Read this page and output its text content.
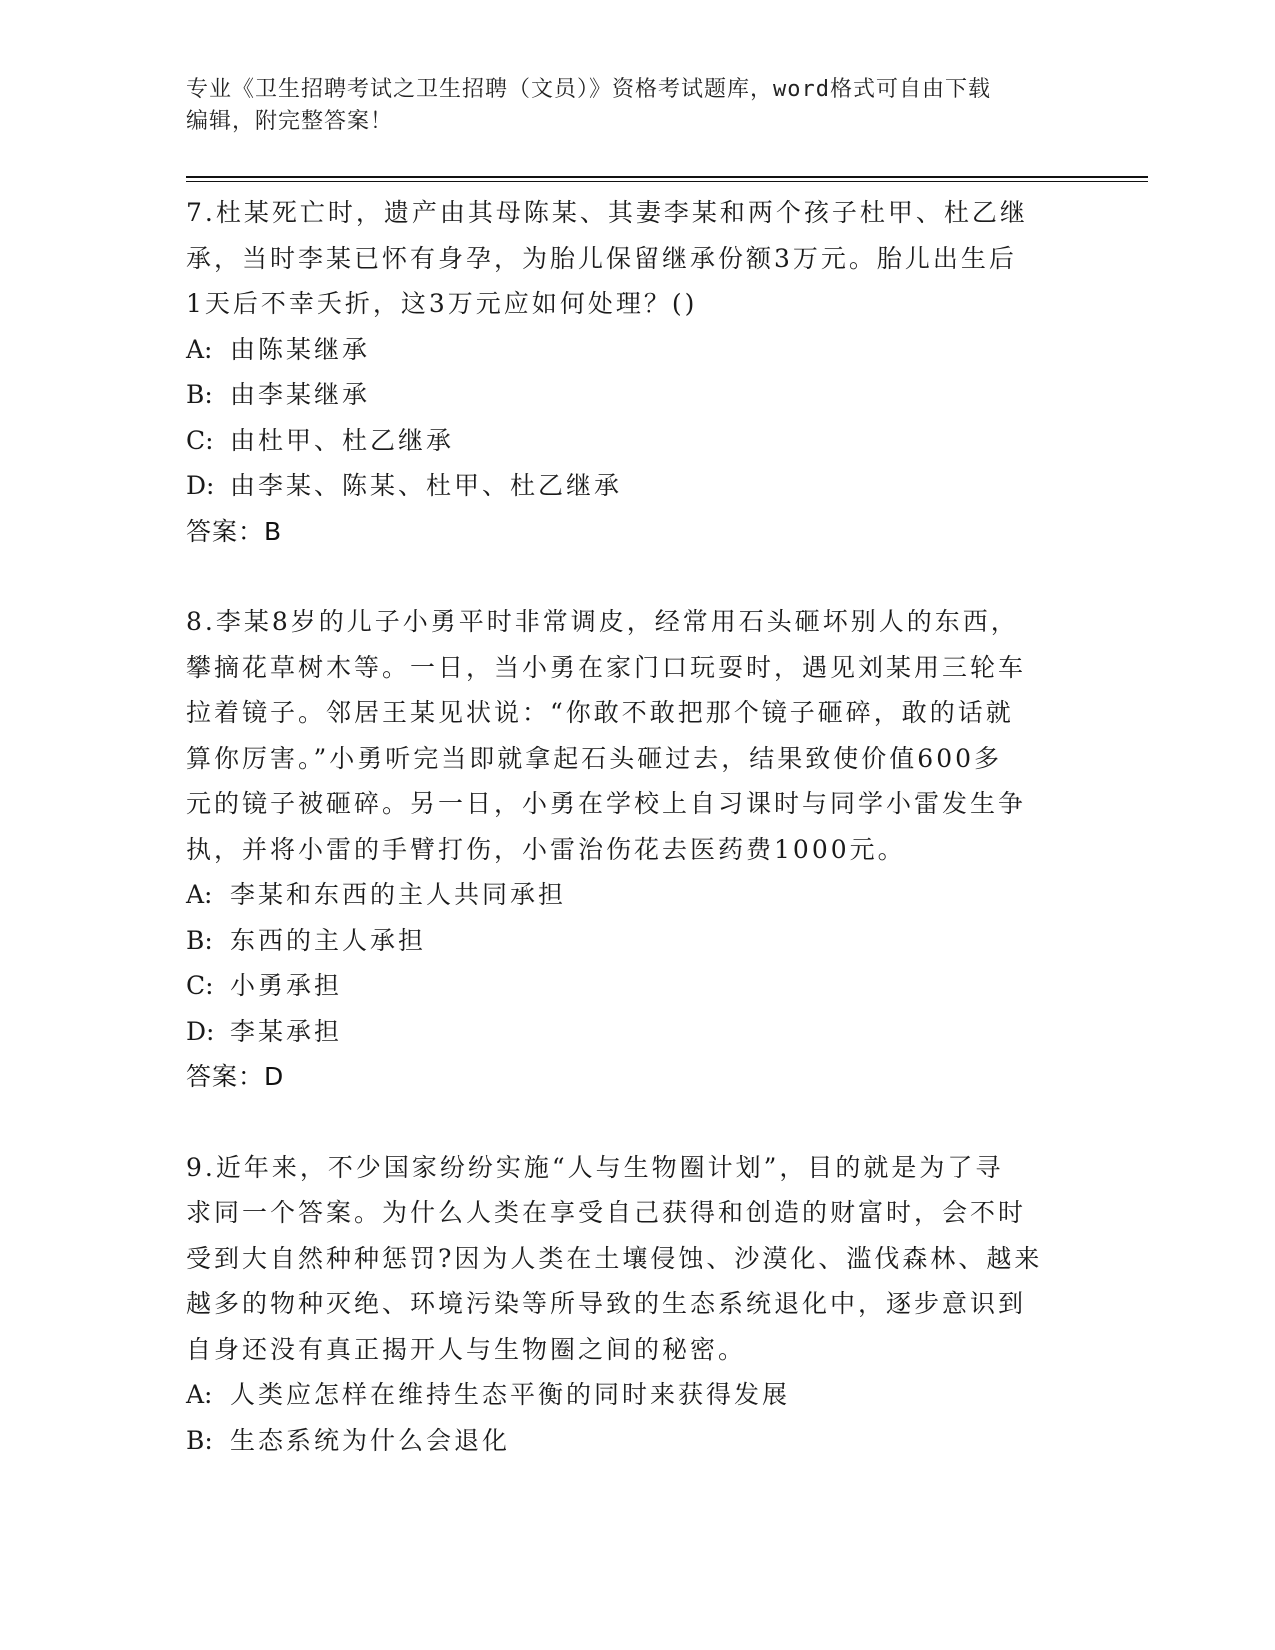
专业《卫生招聘考试之卫生招聘（文员）》资格考试题库，word格式可自由下载
编辑，附完整答案！
7.杜某死亡时，遗产由其母陈某、其妻李某和两个孩子杜甲、杜乙继
承，当时李某已怀有身孕，为胎儿保留继承份额3万元。胎儿出生后
1天后不幸夭折，这3万元应如何处理？()
A: 由陈某继承
B: 由李某继承
C: 由杜甲、杜乙继承
D: 由李某、陈某、杜甲、杜乙继承
答案：B
8.李某8岁的儿子小勇平时非常调皮，经常用石头砸坏别人的东西，
攀摘花草树木等。一日，当小勇在家门口玩耍时，遇见刘某用三轮车
拉着镜子。邻居王某见状说：“你敢不敢把那个镜子砸碎，敢的话就
算你厉害。”小勇听完当即就拿起石头砸过去，结果致使价值600多
元的镜子被砸碎。另一日，小勇在学校上自习课时与同学小雷发生争
执，并将小雷的手臂打伤，小雷治伤花去医药费1000元。
A: 李某和东西的主人共同承担
B: 东西的主人承担
C: 小勇承担
D: 李某承担
答案：D
9.近年来，不少国家纷纷实施“人与生物圈计划”，目的就是为了寻
求同一个答案。为什么人类在享受自己获得和创造的财富时，会不时
受到大自然种种惩罚?因为人类在土壤侵蚀、沙漠化、滥伐森林、越来
越多的物种灭绝、环境污染等所导致的生态系统退化中，逐步意识到
自身还没有真正揭开人与生物圈之间的秘密。
A: 人类应怎样在维持生态平衡的同时来获得发展
B: 生态系统为什么会退化
